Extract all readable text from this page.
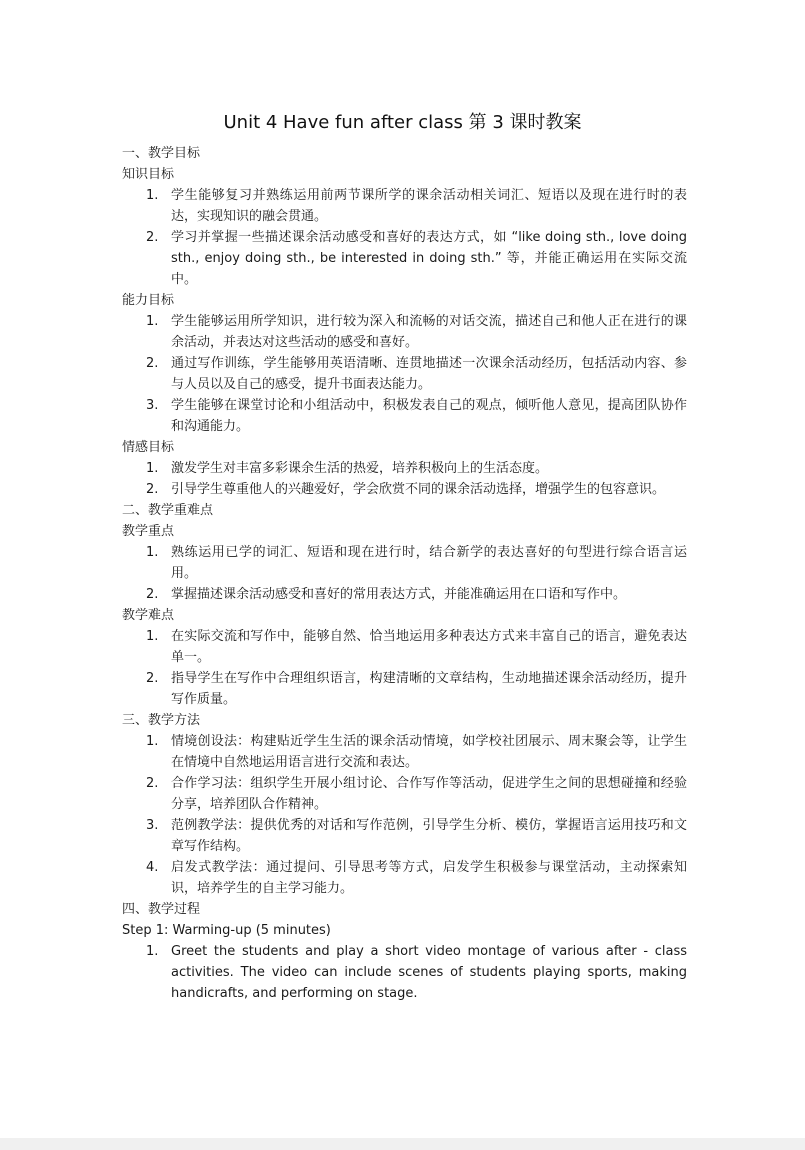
Unit 4 Have fun after class 第 3 课时教案
一、教学目标
知识目标
1. 学生能够复习并熟练运用前两节课所学的课余活动相关词汇、短语以及现在进行时的表达，实现知识的融会贯通。
2. 学习并掌握一些描述课余活动感受和喜好的表达方式，如 “like doing sth., love doing sth., enjoy doing sth., be interested in doing sth.” 等，并能正确运用在实际交流中。
能力目标
1. 学生能够运用所学知识，进行较为深入和流畅的对话交流，描述自己和他人正在进行的课余活动，并表达对这些活动的感受和喜好。
2. 通过写作训练，学生能够用英语清晰、连贯地描述一次课余活动经历，包括活动内容、参与人员以及自己的感受，提升书面表达能力。
3. 学生能够在课堂讨论和小组活动中，积极发表自己的观点，倾听他人意见，提高团队协作和沟通能力。
情感目标
1. 激发学生对丰富多彩课余生活的热爱，培养积极向上的生活态度。
2. 引导学生尊重他人的兴趣爱好，学会欣赏不同的课余活动选择，增强学生的包容意识。
二、教学重难点
教学重点
1. 熟练运用已学的词汇、短语和现在进行时，结合新学的表达喜好的句型进行综合语言运用。
2. 掌握描述课余活动感受和喜好的常用表达方式，并能准确运用在口语和写作中。
教学难点
1. 在实际交流和写作中，能够自然、恰当地运用多种表达方式来丰富自己的语言，避免表达单一。
2. 指导学生在写作中合理组织语言，构建清晰的文章结构，生动地描述课余活动经历，提升写作质量。
三、教学方法
1. 情境创设法：构建贴近学生生活的课余活动情境，如学校社团展示、周末聚会等，让学生在情境中自然地运用语言进行交流和表达。
2. 合作学习法：组织学生开展小组讨论、合作写作等活动，促进学生之间的思想碰撞和经验分享，培养团队合作精神。
3. 范例教学法：提供优秀的对话和写作范例，引导学生分析、模仿，掌握语言运用技巧和文章写作结构。
4. 启发式教学法：通过提问、引导思考等方式，启发学生积极参与课堂活动，主动探索知识，培养学生的自主学习能力。
四、教学过程
Step 1: Warming-up (5 minutes)
1. Greet the students and play a short video montage of various after - class activities. The video can include scenes of students playing sports, making handicrafts, and performing on stage.
